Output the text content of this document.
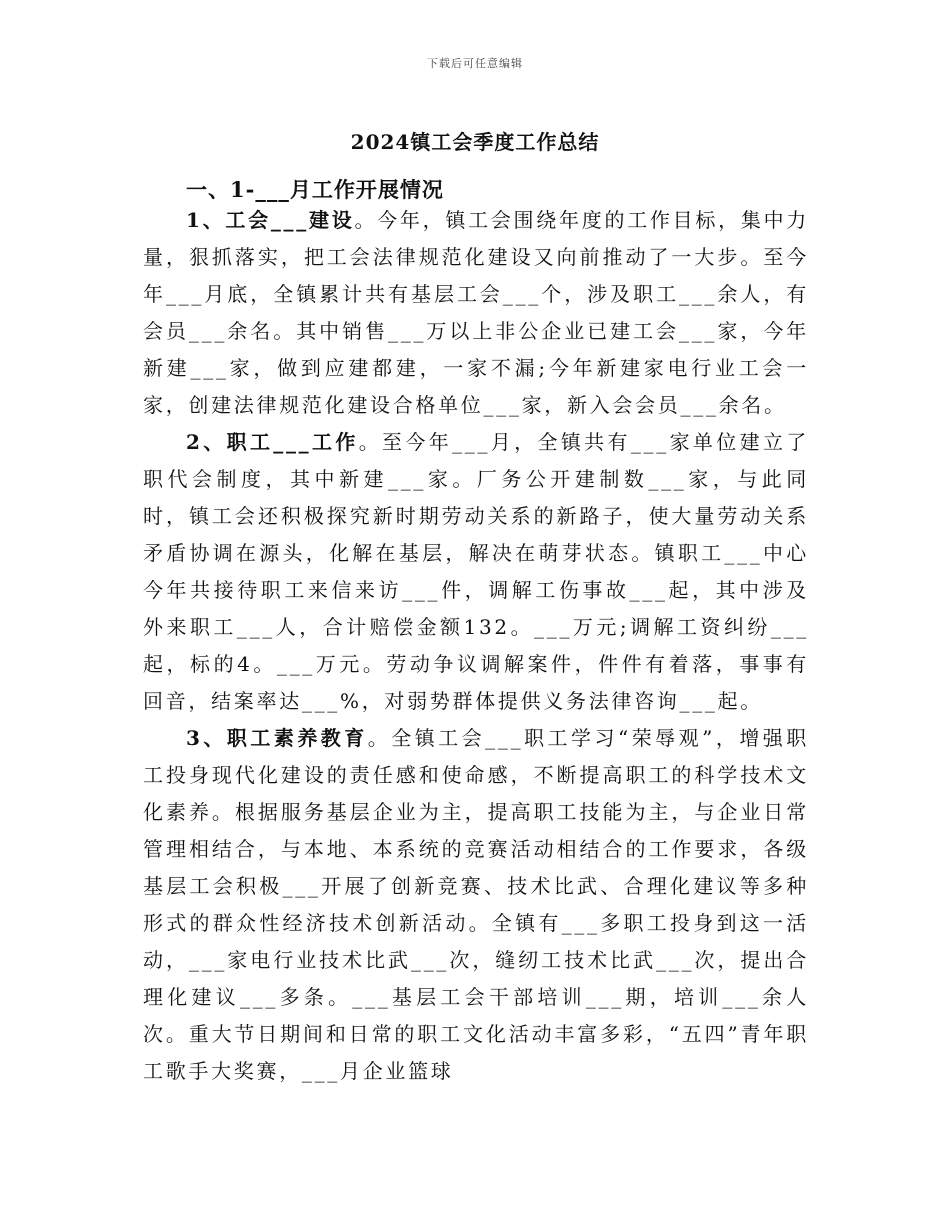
下载后可任意编辑
2024镇工会季度工作总结
一、1-___月工作开展情况

1、工会___建设。今年，镇工会围绕年度的工作目标，集中力量，狠抓落实，把工会法律规范化建设又向前推动了一大步。至今年___月底，全镇累计共有基层工会___个，涉及职工___余人，有会员___余名。其中销售___万以上非公企业已建工会___家，今年新建___家，做到应建都建，一家不漏;今年新建家电行业工会一家，创建法律规范化建设合格单位___家，新入会会员___余名。

2、职工___工作。至今年___月，全镇共有___家单位建立了职代会制度，其中新建___家。厂务公开建制数___家，与此同时，镇工会还积极探究新时期劳动关系的新路子，使大量劳动关系矛盾协调在源头，化解在基层，解决在萌芽状态。镇职工___中心今年共接待职工来信来访___件，调解工伤事故___起，其中涉及外来职工___人，合计赔偿金额132。___万元;调解工资纠纷___起，标的4。___万元。劳动争议调解案件，件件有着落，事事有回音，结案率达___%，对弱势群体提供义务法律咨询___起。

3、职工素养教育。全镇工会___职工学习“荣辱观”，增强职工投身现代化建设的责任感和使命感，不断提高职工的科学技术文化素养。根据服务基层企业为主，提高职工技能为主，与企业日常管理相结合，与本地、本系统的竞赛活动相结合的工作要求，各级基层工会积极___开展了创新竞赛、技术比武、合理化建议等多种形式的群众性经济技术创新活动。全镇有___多职工投身到这一活动，___家电行业技术比武___次，缝纫工技术比武___次，提出合理化建议___多条。___基层工会干部培训___期，培训___余人次。重大节日期间和日常的职工文化活动丰富多彩，“五四”青年职工歌手大奖赛，___月企业篮球
